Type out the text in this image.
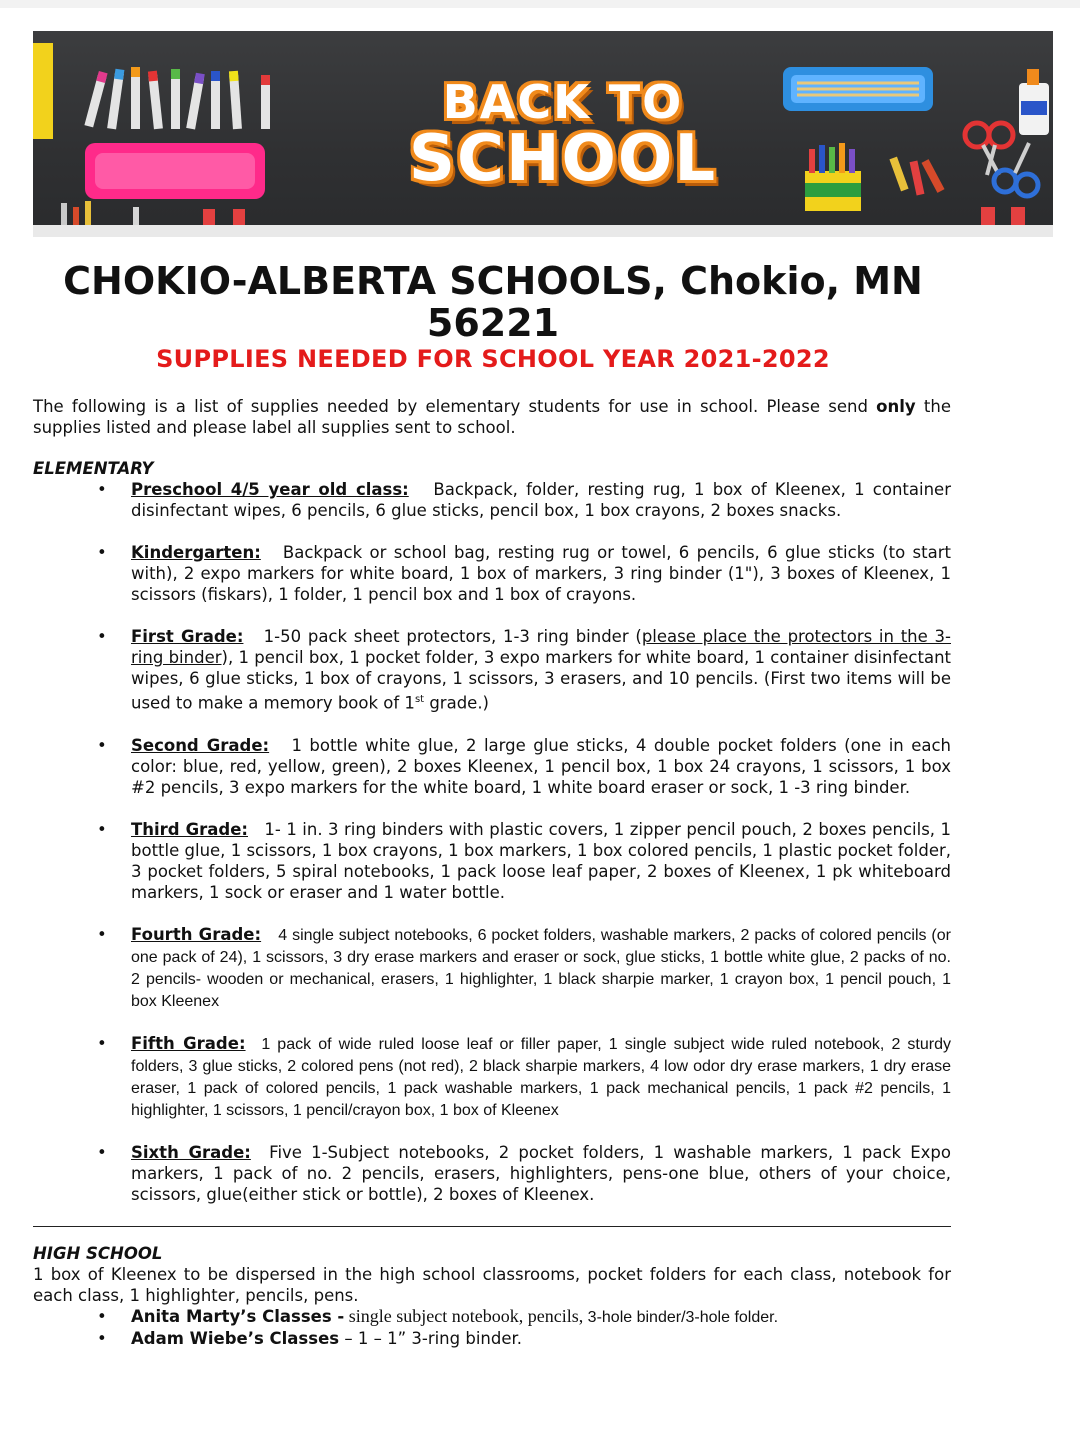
BACK TO
SCHOOL
CHOKIO-ALBERTA SCHOOLS, Chokio, MN 56221
SUPPLIES NEEDED FOR SCHOOL YEAR 2021-2022

The following is a list of supplies needed by elementary students for use in school. Please send only the supplies listed and please label all supplies sent to school.

ELEMENTARY
• Preschool 4/5 year old class: Backpack, folder, resting rug, 1 box of Kleenex, 1 container disinfectant wipes, 6 pencils, 6 glue sticks, pencil box, 1 box crayons, 2 boxes snacks.
• Kindergarten: Backpack or school bag, resting rug or towel, 6 pencils, 6 glue sticks (to start with), 2 expo markers for white board, 1 box of markers, 3 ring binder (1"), 3 boxes of Kleenex, 1 scissors (fiskars), 1 folder, 1 pencil box and 1 box of crayons.
• First Grade: 1-50 pack sheet protectors, 1-3 ring binder (please place the protectors in the 3-ring binder), 1 pencil box, 1 pocket folder, 3 expo markers for white board, 1 container disinfectant wipes, 6 glue sticks, 1 box of crayons, 1 scissors, 3 erasers, and 10 pencils. (First two items will be used to make a memory book of 1st grade.)
• Second Grade: 1 bottle white glue, 2 large glue sticks, 4 double pocket folders (one in each color: blue, red, yellow, green), 2 boxes Kleenex, 1 pencil box, 1 box 24 crayons, 1 scissors, 1 box #2 pencils, 3 expo markers for the white board, 1 white board eraser or sock, 1 -3 ring binder.
• Third Grade: 1- 1 in. 3 ring binders with plastic covers, 1 zipper pencil pouch, 2 boxes pencils, 1 bottle glue, 1 scissors, 1 box crayons, 1 box markers, 1 box colored pencils, 1 plastic pocket folder, 3 pocket folders, 5 spiral notebooks, 1 pack loose leaf paper, 2 boxes of Kleenex, 1 pk whiteboard markers, 1 sock or eraser and 1 water bottle.
• Fourth Grade: 4 single subject notebooks, 6 pocket folders, washable markers, 2 packs of colored pencils (or one pack of 24), 1 scissors, 3 dry erase markers and eraser or sock, glue sticks, 1 bottle white glue, 2 packs of no. 2 pencils- wooden or mechanical, erasers, 1 highlighter, 1 black sharpie marker, 1 crayon box, 1 pencil pouch, 1 box Kleenex
• Fifth Grade: 1 pack of wide ruled loose leaf or filler paper, 1 single subject wide ruled notebook, 2 sturdy folders, 3 glue sticks, 2 colored pens (not red), 2 black sharpie markers, 4 low odor dry erase markers, 1 dry erase eraser, 1 pack of colored pencils, 1 pack washable markers, 1 pack mechanical pencils, 1 pack #2 pencils, 1 highlighter, 1 scissors, 1 pencil/crayon box, 1 box of Kleenex
• Sixth Grade: Five 1-Subject notebooks, 2 pocket folders, 1 washable markers, 1 pack Expo markers, 1 pack of no. 2 pencils, erasers, highlighters, pens-one blue, others of your choice, scissors, glue(either stick or bottle), 2 boxes of Kleenex.
HIGH SCHOOL
1 box of Kleenex to be dispersed in the high school classrooms, pocket folders for each class, notebook for each class, 1 highlighter, pencils, pens.
• Anita Marty’s Classes - single subject notebook, pencils, 3-hole binder/3-hole folder.
• Adam Wiebe’s Classes – 1 – 1” 3-ring binder.
